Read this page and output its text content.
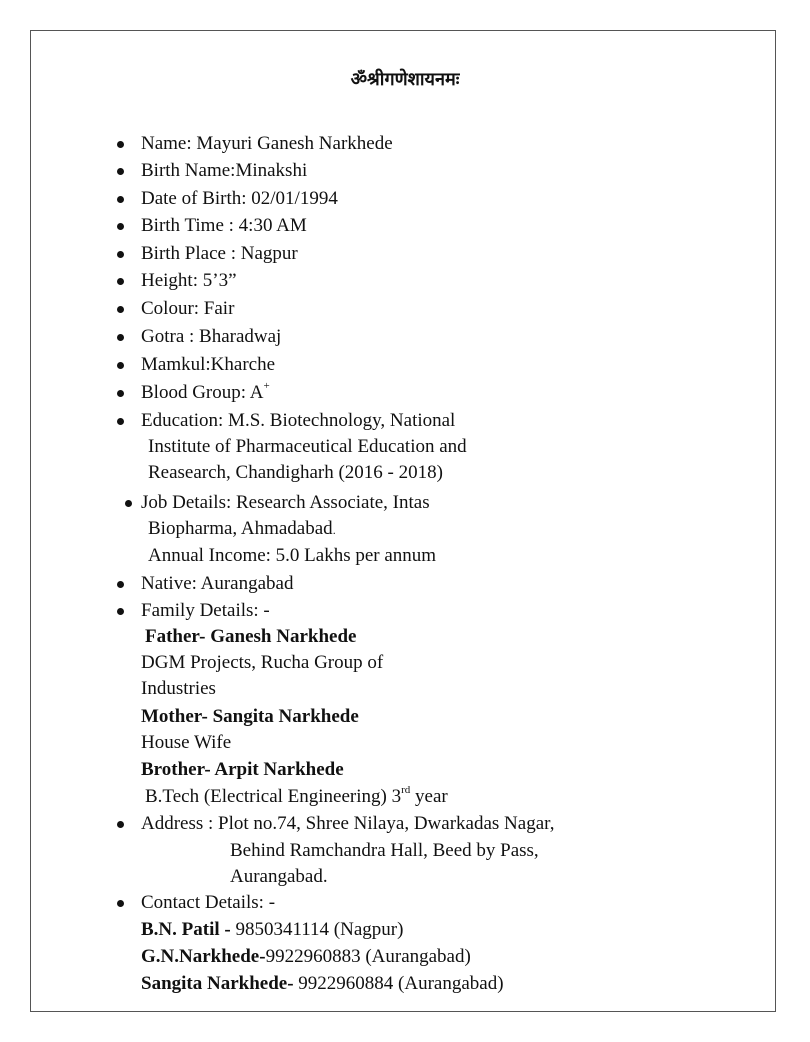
ॐश्रीगणेशायनमः
Name: Mayuri Ganesh Narkhede
Birth Name:Minakshi
Date of Birth: 02/01/1994
Birth Time : 4:30 AM
Birth Place : Nagpur
Height: 5’3”
Colour: Fair
Gotra : Bharadwaj
Mamkul:Kharche
Blood Group: A+
Education: M.S. Biotechnology, National
Institute of Pharmaceutical Education and
Reasearch, Chandigharh (2016 - 2018)
Job Details: Research Associate, Intas
Biopharma, Ahmadabad.
Annual Income: 5.0 Lakhs per annum
Native: Aurangabad
Family Details: -
Father- Ganesh Narkhede
DGM Projects, Rucha Group of
Industries
Mother- Sangita Narkhede
House Wife
Brother- Arpit Narkhede
B.Tech (Electrical Engineering) 3rd year
Address : Plot no.74, Shree Nilaya, Dwarkadas Nagar,
Behind Ramchandra Hall, Beed by Pass,
Aurangabad.
Contact Details: -
B.N. Patil - 9850341114 (Nagpur)
G.N.Narkhede-9922960883 (Aurangabad)
Sangita Narkhede- 9922960884 (Aurangabad)
